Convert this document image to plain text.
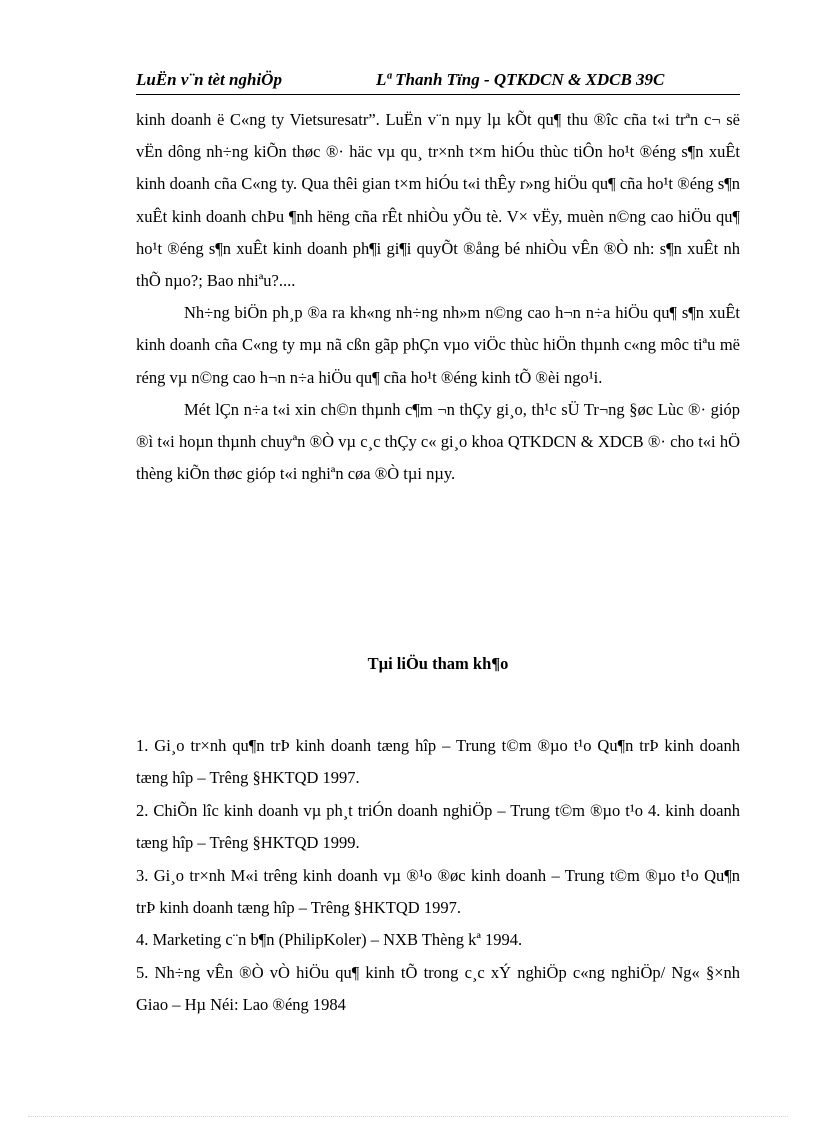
LuËn v¨n tèt nghiÖp	Lª Thanh Tïng - QTKDCN & XDCB 39C

kinh doanh ë C«ng ty Vietsuresatr”. LuËn v¨n nµy lµ kÕt qu¶ thu ®îc cña t«i trªn c¬ së vËn dông nh÷ng kiÕn thøc ®· häc vµ qu¸ tr×nh t×m hiÓu thùc tiÔn ho¹t ®éng s¶n xuÊt kinh doanh cña C«ng ty. Qua thêi gian t×m hiÓu t«i thÊy r»ng hiÖu qu¶ cña ho¹t ®éng s¶n xuÊt kinh doanh chÞu ¶nh hëng cña rÊt nhiÒu yÕu tè. V× vËy, muèn n©ng cao hiÖu qu¶ ho¹t ®éng s¶n xuÊt kinh doanh ph¶i gi¶i quyÕt ®ång bé nhiÒu vÊn ®Ò nh: s¶n xuÊt nh thÕ nµo?; Bao nhiªu?....

Nh÷ng biÖn ph¸p ®a ra kh«ng nh÷ng nh»m n©ng cao h¬n n÷a hiÖu qu¶ s¶n xuÊt kinh doanh cña C«ng ty mµ nã cßn gãp phÇn vµo viÖc thùc hiÖn thµnh c«ng môc tiªu më réng vµ n©ng cao h¬n n÷a hiÖu qu¶ cña ho¹t ®éng kinh tÕ ®èi ngo¹i.

Mét lÇn n÷a t«i xin ch©n thµnh c¶m ¬n thÇy gi¸o, th¹c sÜ Tr¬ng §øc Lùc ®· gióp ®ì t«i hoµn thµnh chuyªn ®Ò vµ c¸c thÇy c« gi¸o khoa QTKDCN & XDCB ®· cho t«i hÖ thèng kiÕn thøc gióp t«i nghiªn cøa ®Ò tµi nµy.

Tµi liÖu tham kh¶o

1. Gi¸o tr×nh qu¶n trÞ kinh doanh tæng hîp – Trung t©m ®µo t¹o Qu¶n trÞ kinh doanh tæng hîp – Trêng §HKTQD 1997.

2. ChiÕn lîc kinh doanh vµ ph¸t triÓn doanh nghiÖp – Trung t©m ®µo t¹o 4. kinh doanh tæng hîp – Trêng §HKTQD 1999.

3. Gi¸o tr×nh M«i trêng kinh doanh vµ ®¹o ®øc kinh doanh – Trung t©m ®µo t¹o Qu¶n trÞ kinh doanh tæng hîp – Trêng §HKTQD 1997.

4. Marketing c¨n b¶n (PhilipKoler) – NXB Thèng kª 1994.

5. Nh÷ng vÊn ®Ò vÒ hiÖu qu¶ kinh tÕ trong c¸c xÝ nghiÖp c«ng nghiÖp/ Ng« §×nh Giao – Hµ Néi: Lao ®éng 1984
